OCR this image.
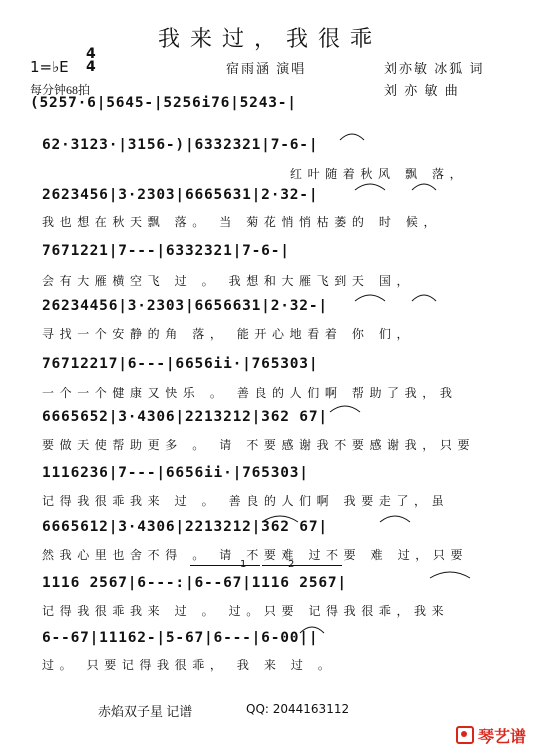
我来过，我很乖
1=♭E
4
4
每分钟68拍
宿雨涵 演唱	刘亦敏 冰狐 词
刘 亦 敏 曲
(5257·6|5645-|5256i76|5243-|
62·3123·|3156-)|6332321|7-6-|
红叶随着秋风 飘 落，
2623456|3·2303|6665631|2·32-|
我也想在秋天飘 落。 当 菊花悄悄枯萎的 时 候，
7671221|7---|6332321|7-6-|
会有大雁横空飞 过 。 我想和大雁飞到天 国，
26234456|3·2303|6656631|2·32-|
寻找一个安静的角 落， 能开心地看着 你 们，
76712217|6---|6656ii·|765303|
一个一个健康又快乐 。 善良的人们啊 帮助了我，我
6665652|3·4306|2213212|362 67|
要做天使帮助更多 。 请 不要感谢我不要感谢我，只要
1116236|7---|6656ii·|765303|
记得我很乖我来 过 。 善良的人们啊 我要走了，虽
6665612|3·4306|2213212|362 67|
然我心里也舍不得 。 请 不要难 过不要 难 过，只要
1116 2567|6---:|6--67|1116 2567|
记得我很乖我来 过 。 过。只要 记得我很乖，我来
6--67|11162-|5-67|6---|6-00||
过。 只要记得我很乖， 我 来 过 。
赤焰双子星 记谱	QQ: 2044163112
琴艺谱
